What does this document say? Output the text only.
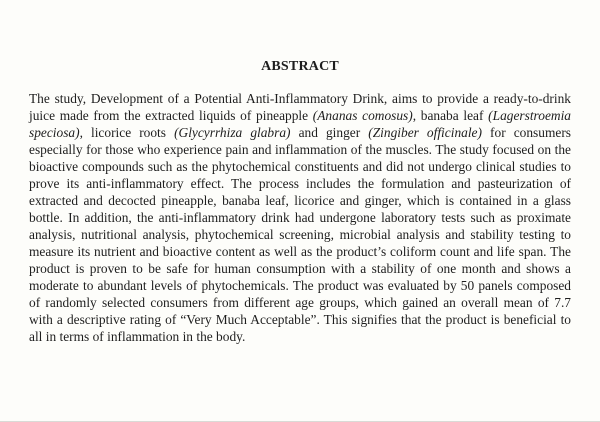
ABSTRACT

The study, Development of a Potential Anti-Inflammatory Drink, aims to provide a ready-to-drink juice made from the extracted liquids of pineapple (Ananas comosus), banaba leaf (Lagerstroemia speciosa), licorice roots (Glycyrrhiza glabra) and ginger (Zingiber officinale) for consumers especially for those who experience pain and inflammation of the muscles. The study focused on the bioactive compounds such as the phytochemical constituents and did not undergo clinical studies to prove its anti-inflammatory effect. The process includes the formulation and pasteurization of extracted and decocted pineapple, banaba leaf, licorice and ginger, which is contained in a glass bottle. In addition, the anti-inflammatory drink had undergone laboratory tests such as proximate analysis, nutritional analysis, phytochemical screening, microbial analysis and stability testing to measure its nutrient and bioactive content as well as the product’s coliform count and life span. The product is proven to be safe for human consumption with a stability of one month and shows a moderate to abundant levels of phytochemicals. The product was evaluated by 50 panels composed of randomly selected consumers from different age groups, which gained an overall mean of 7.7 with a descriptive rating of “Very Much Acceptable”. This signifies that the product is beneficial to all in terms of inflammation in the body.
